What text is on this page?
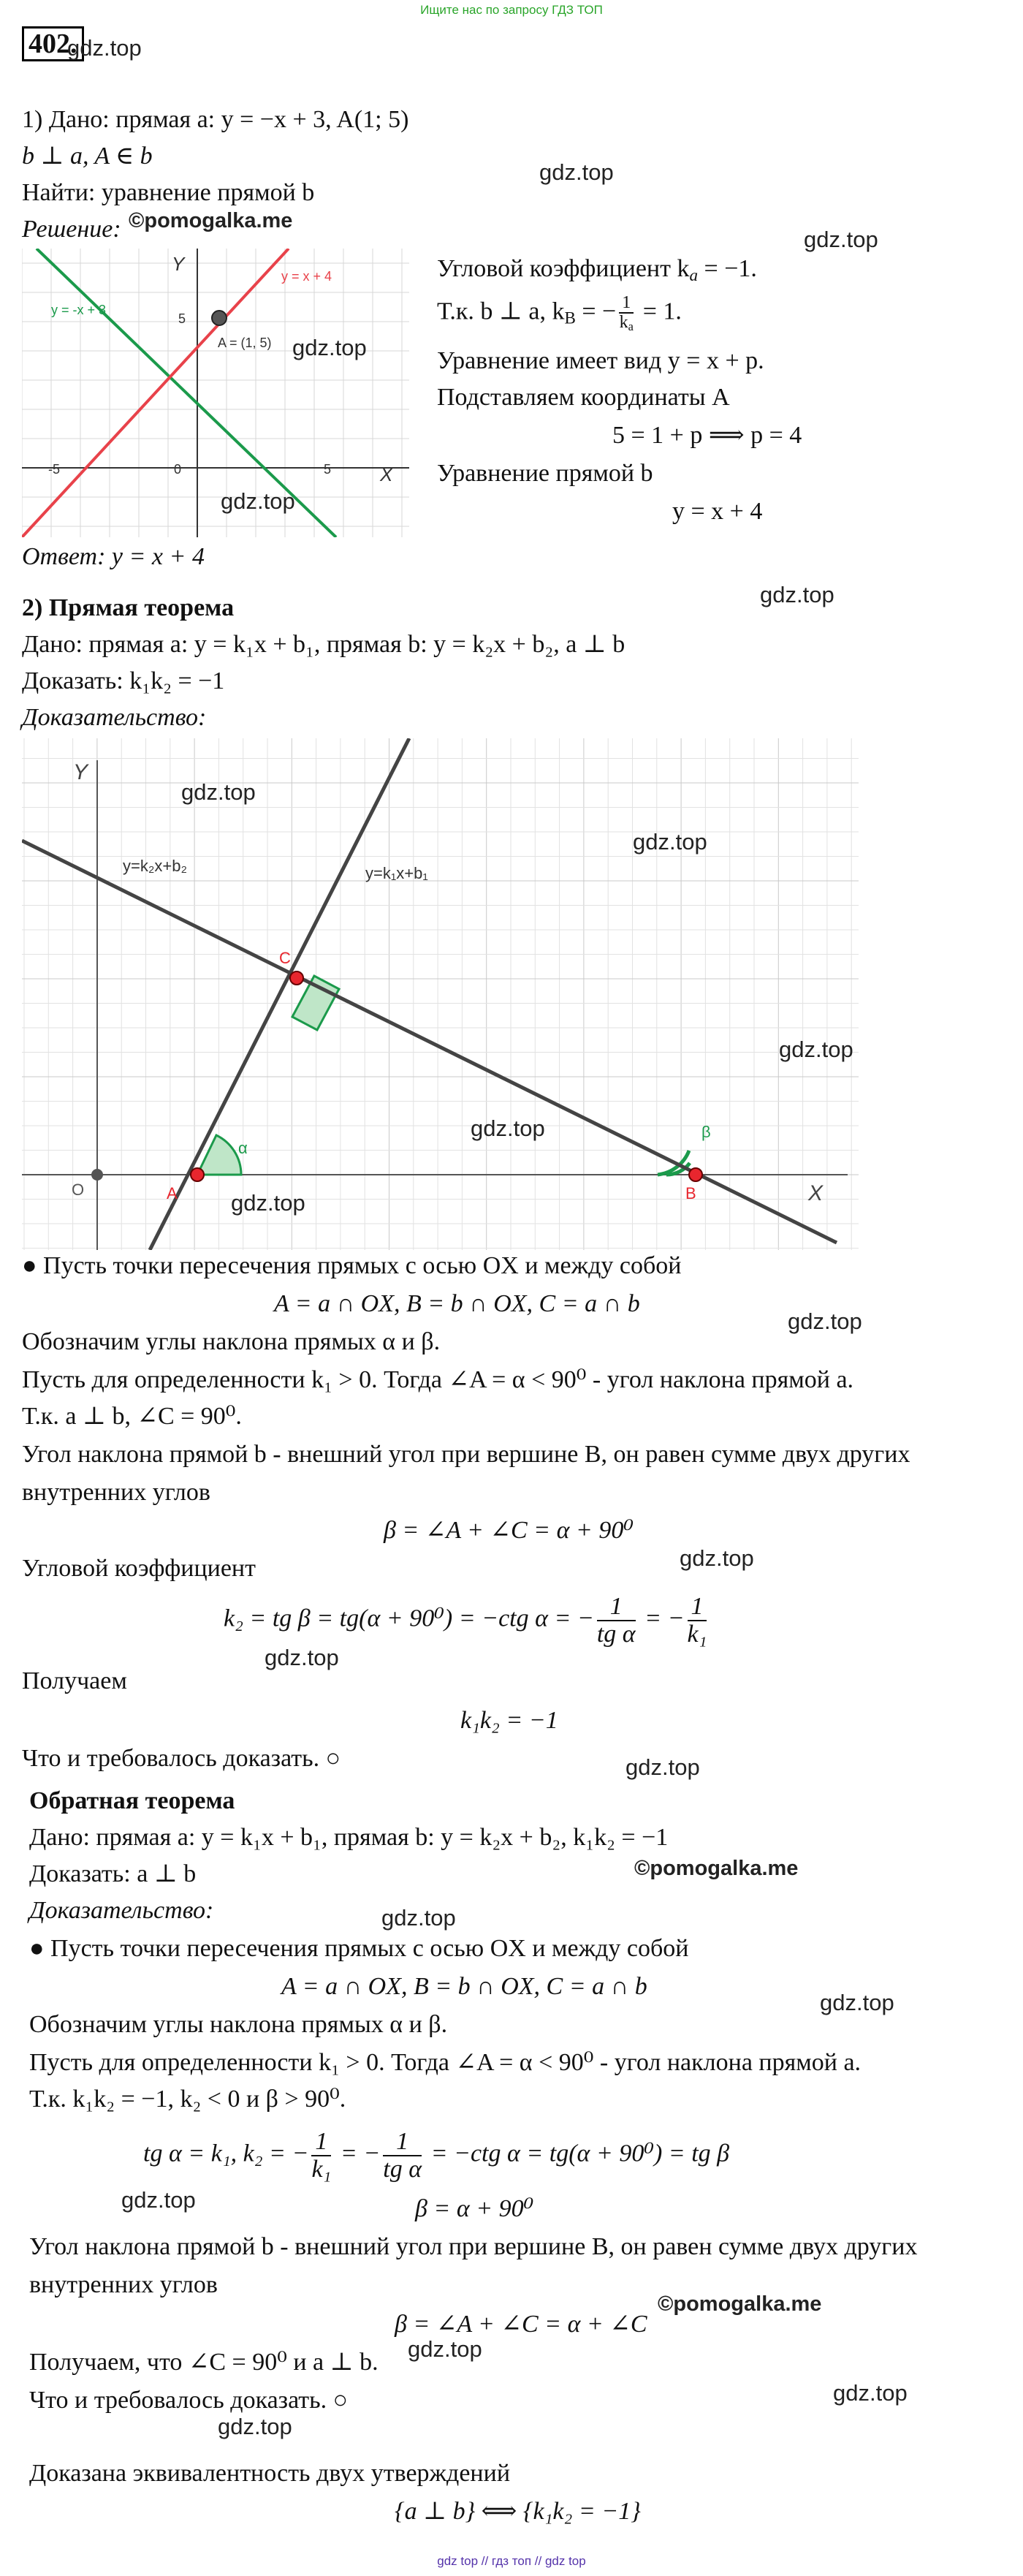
Ищите нас по запросу ГДЗ ТОП
402.
gdz.top
1) Дано: прямая a: y = −x + 3, A(1; 5)
b ⊥ a, A ∈ b
Найти: уравнение прямой b
Решение:
gdz.top
©pomogalka.me
gdz.top
y = -x + 3
y = x + 4
A = (1, 5)
X
Y
-5	0	5
5
gdz.top
gdz.top
Угловой коэффициент $k_a = -1$.
Т.к. b ⊥ a, $k_B$ = − $\frac{1}{k_a} = 1$.
Уравнение имеет вид y = x + p.
Подставляем координаты A
5 = 1 + p ⟹ p = 4
Уравнение прямой b
y = x + 4
Ответ: y = x + 4
gdz.top
2) Прямая теорема
Дано: прямая a: y = k₁x + b₁, прямая b: y = k₂x + b₂, a ⊥ b
Доказать: k₁k₂ = −1
Доказательство:
y=k₂x+b₂	y=k₁x+b₁
α
β
A	B
C
O	X
Y
gdz.top
gdz.top
gdz.top
gdz.top
gdz.top
● Пусть точки пересечения прямых с осью OX и между собой
A = a ∩ OX, B = b ∩ OX, C = a ∩ b
gdz.top
Обозначим углы наклона прямых α и β.
Пусть для определенности k₁ > 0. Тогда ∠A = α < 90⁰ - угол наклона прямой a.
Т.к. a ⊥ b, ∠C = 90⁰.
Угол наклона прямой b - внешний угол при вершине B, он равен сумме двух других
внутренних углов
β = ∠A + ∠C = α + 90⁰
Угловой коэффициент	gdz.top
k₂ = tg β = tg(α + 90⁰) = −ctg α = − $\frac{1}{\text{tg α}}$ = − $\frac{1}{\text{k₁}}$
gdz.top
Получаем
k₁k₂ = −1
Что и требовалось доказать. ○	gdz.top
Обратная теорема
Дано: прямая a: y = k₁x + b₁, прямая b: y = k₂x + b₂, k₁k₂ = −1
Доказать: a ⊥ b	©pomogalka.me
Доказательство:	gdz.top
● Пусть точки пересечения прямых с осью OX и между собой
A = a ∩ OX, B = b ∩ OX, C = a ∩ b
gdz.top
Обозначим углы наклона прямых α и β.
Пусть для определенности k₁ > 0. Тогда ∠A = α < 90⁰ - угол наклона прямой a.
Т.к. k₁k₂ = −1, k₂ < 0 и β > 90⁰.
tg α = k₁, k₂ = − $\frac{1}{\text{k₁}}$ = − $\frac{1}{\text{tg α}} = -ctg$ α = tg(α + 90⁰) = tg β
gdz.top	β = α + 90⁰
Угол наклона прямой b - внешний угол при вершине B, он равен сумме двух других
внутренних углов
©pomogalka.me
β = ∠A + ∠C = α + ∠C
Получаем, что ∠C = 90⁰ и a ⊥ b. gdz.top
Что и требовалось доказать. ○	gdz.top
gdz.top
Доказана эквивалентность двух утверждений
{a ⊥ b} ⟺ {k₁k₂ = −1}
gdz top // гдз топ // gdz top
